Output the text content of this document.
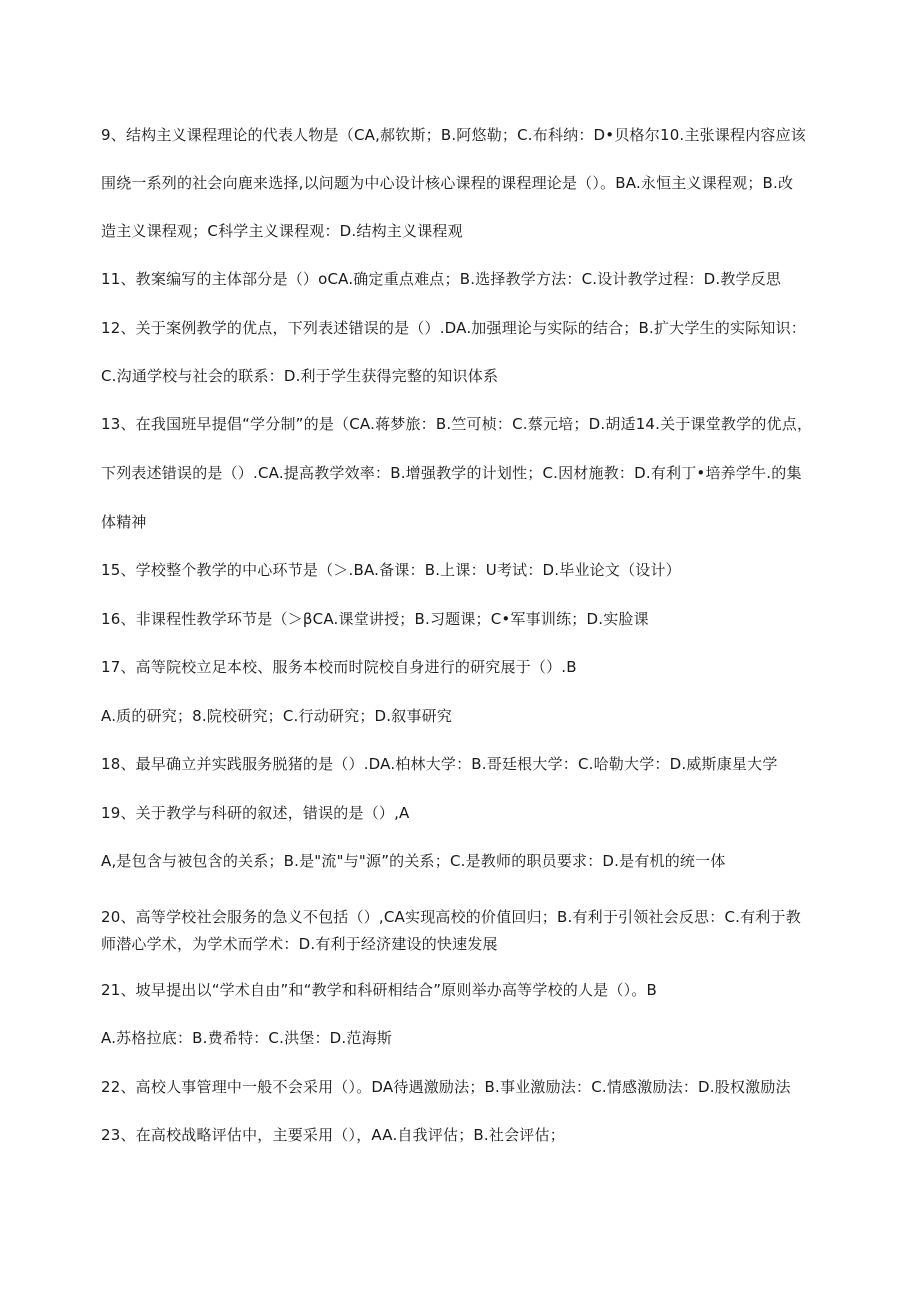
9、结构主义课程理论的代表人物是（CA,郝钦斯；B.阿悠勒；C.布科纳：D•贝格尔10.主张课程内容应该
围绕一系列的社会向鹿来选择,以问题为中心设计核心课程的课程理论是（）。BA.永恒主义课程观；B.改
造主义课程观；C科学主义课程观：D.结构主义课程观
11、教案编写的主体部分是（）oCA.确定重点难点；B.选择教学方法：C.设计教学过程：D.教学反思
12、关于案例教学的优点，下列表述错误的是（）.DA.加强理论与实际的结合；B.扩大学生的实际知识：
C.沟通学校与社会的联系：D.利于学生获得完整的知识体系
13、在我国班早提倡“学分制”的是（CA.蒋梦旅：B.竺可桢：C.蔡元培；D.胡适14.关于课堂教学的优点，
下列表述错误的是（）.CA.提高教学效率：B.增强教学的计划性；C.因材施教：D.有利丁•培养学牛.的集
体精神
15、学校整个教学的中心环节是（＞.BA.备课：B.上课：U考试：D.毕业论文（设计）
16、非课程性教学环节是（＞βCA.课堂讲授；B.习题课；C•军事训练；D.实脸课
17、高等院校立足本校、服务本校而时院校自身进行的研究展于（）.B
A.质的研究；8.院校研究；C.行动研究；D.叙事研究
18、最早确立并实践服务脱猪的是（）.DA.柏林大学：B.哥廷根大学：C.哈勒大学：D.威斯康星大学
19、关于教学与科研的叙述，错误的是（）,A
A,是包含与被包含的关系；B.是"流"与"源”的关系；C.是教师的职员要求：D.是有机的统一体
20、高等学校社会服务的急义不包括（）,CA实现高校的价值回归；B.有利于引领社会反思：C.有利于教
师潜心学术，为学术而学术：D.有利于经济建设的快速发展
21、坡早提出以“学术自由”和“教学和科研相结合”原则举办高等学校的人是（）。B
A.苏格拉底：B.费希特：C.洪堡：D.范海斯
22、高校人事管理中一般不会采用（）。DA待遇激励法；B.事业激励法：C.情感激励法：D.股权激励法
23、在高校战略评估中，主要采用（），AA.自我评估；B.社会评估；
